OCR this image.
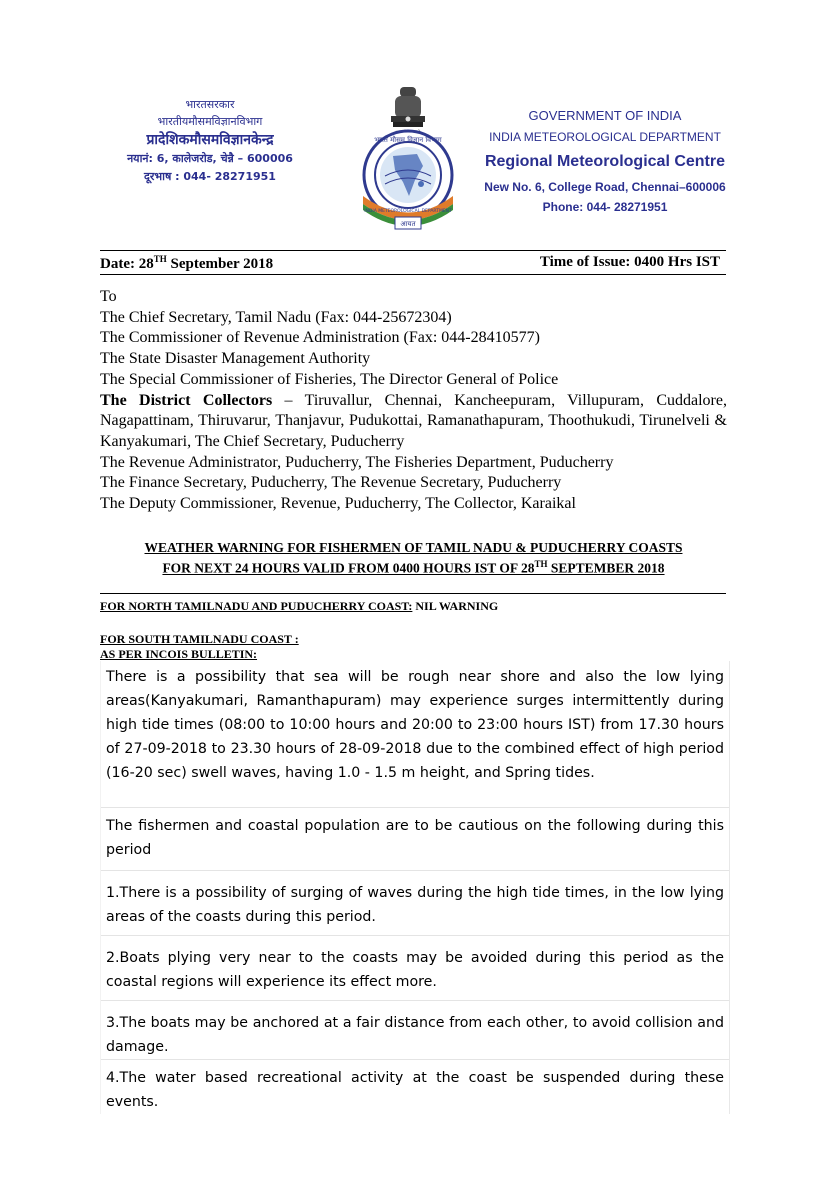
भारतसरकार
भारतीयमौसमविज्ञानविभाग
प्रादेशिकमौसमविज्ञानकेन्द्र
नयानं: 6, कालेजरोड, चेन्नै – 600006
दूरभाष : 044- 28271951
भारत मौसम विज्ञान विभाग
INDIA METEOROLOGICAL DEPARTMENT
आयत
GOVERNMENT OF INDIA
INDIA METEOROLOGICAL DEPARTMENT
Regional Meteorological Centre
New No. 6, College Road, Chennai–600006
Phone: 044- 28271951
Date: 28TH September 2018	Time of Issue: 0400 Hrs IST
To
The Chief Secretary, Tamil Nadu (Fax: 044-25672304)
The Commissioner of Revenue Administration (Fax: 044-28410577)
The State Disaster Management Authority
The Special Commissioner of Fisheries, The Director General of Police
The District Collectors – Tiruvallur, Chennai, Kancheepuram, Villupuram, Cuddalore, Nagapattinam, Thiruvarur, Thanjavur, Pudukottai, Ramanathapuram, Thoothukudi, Tirunelveli & Kanyakumari, The Chief Secretary, Puducherry
The Revenue Administrator, Puducherry, The Fisheries Department, Puducherry
The Finance Secretary, Puducherry, The Revenue Secretary, Puducherry
The Deputy Commissioner, Revenue, Puducherry, The Collector, Karaikal
WEATHER WARNING FOR FISHERMEN OF TAMIL NADU & PUDUCHERRY COASTS
FOR NEXT 24 HOURS VALID FROM 0400 HOURS IST OF 28TH SEPTEMBER 2018
FOR NORTH TAMILNADU AND PUDUCHERRY COAST: NIL WARNING
FOR SOUTH TAMILNADU COAST :
AS PER INCOIS BULLETIN:
There is a possibility that sea will be rough near shore and also the low lying areas(Kanyakumari, Ramanthapuram) may experience surges intermittently during high tide times (08:00 to 10:00 hours and 20:00 to 23:00 hours IST) from 17.30 hours of 27-09-2018 to 23.30 hours of 28-09-2018 due to the combined effect of high period (16-20 sec) swell waves, having 1.0 - 1.5 m height, and Spring tides.
The fishermen and coastal population are to be cautious on the following during this period
1.There is a possibility of surging of waves during the high tide times, in the low lying areas of the coasts during this period.
2.Boats plying very near to the coasts may be avoided during this period as the coastal regions will experience its effect more.
3.The boats may be anchored at a fair distance from each other, to avoid collision and damage.
4.The water based recreational activity at the coast be suspended during these events.
